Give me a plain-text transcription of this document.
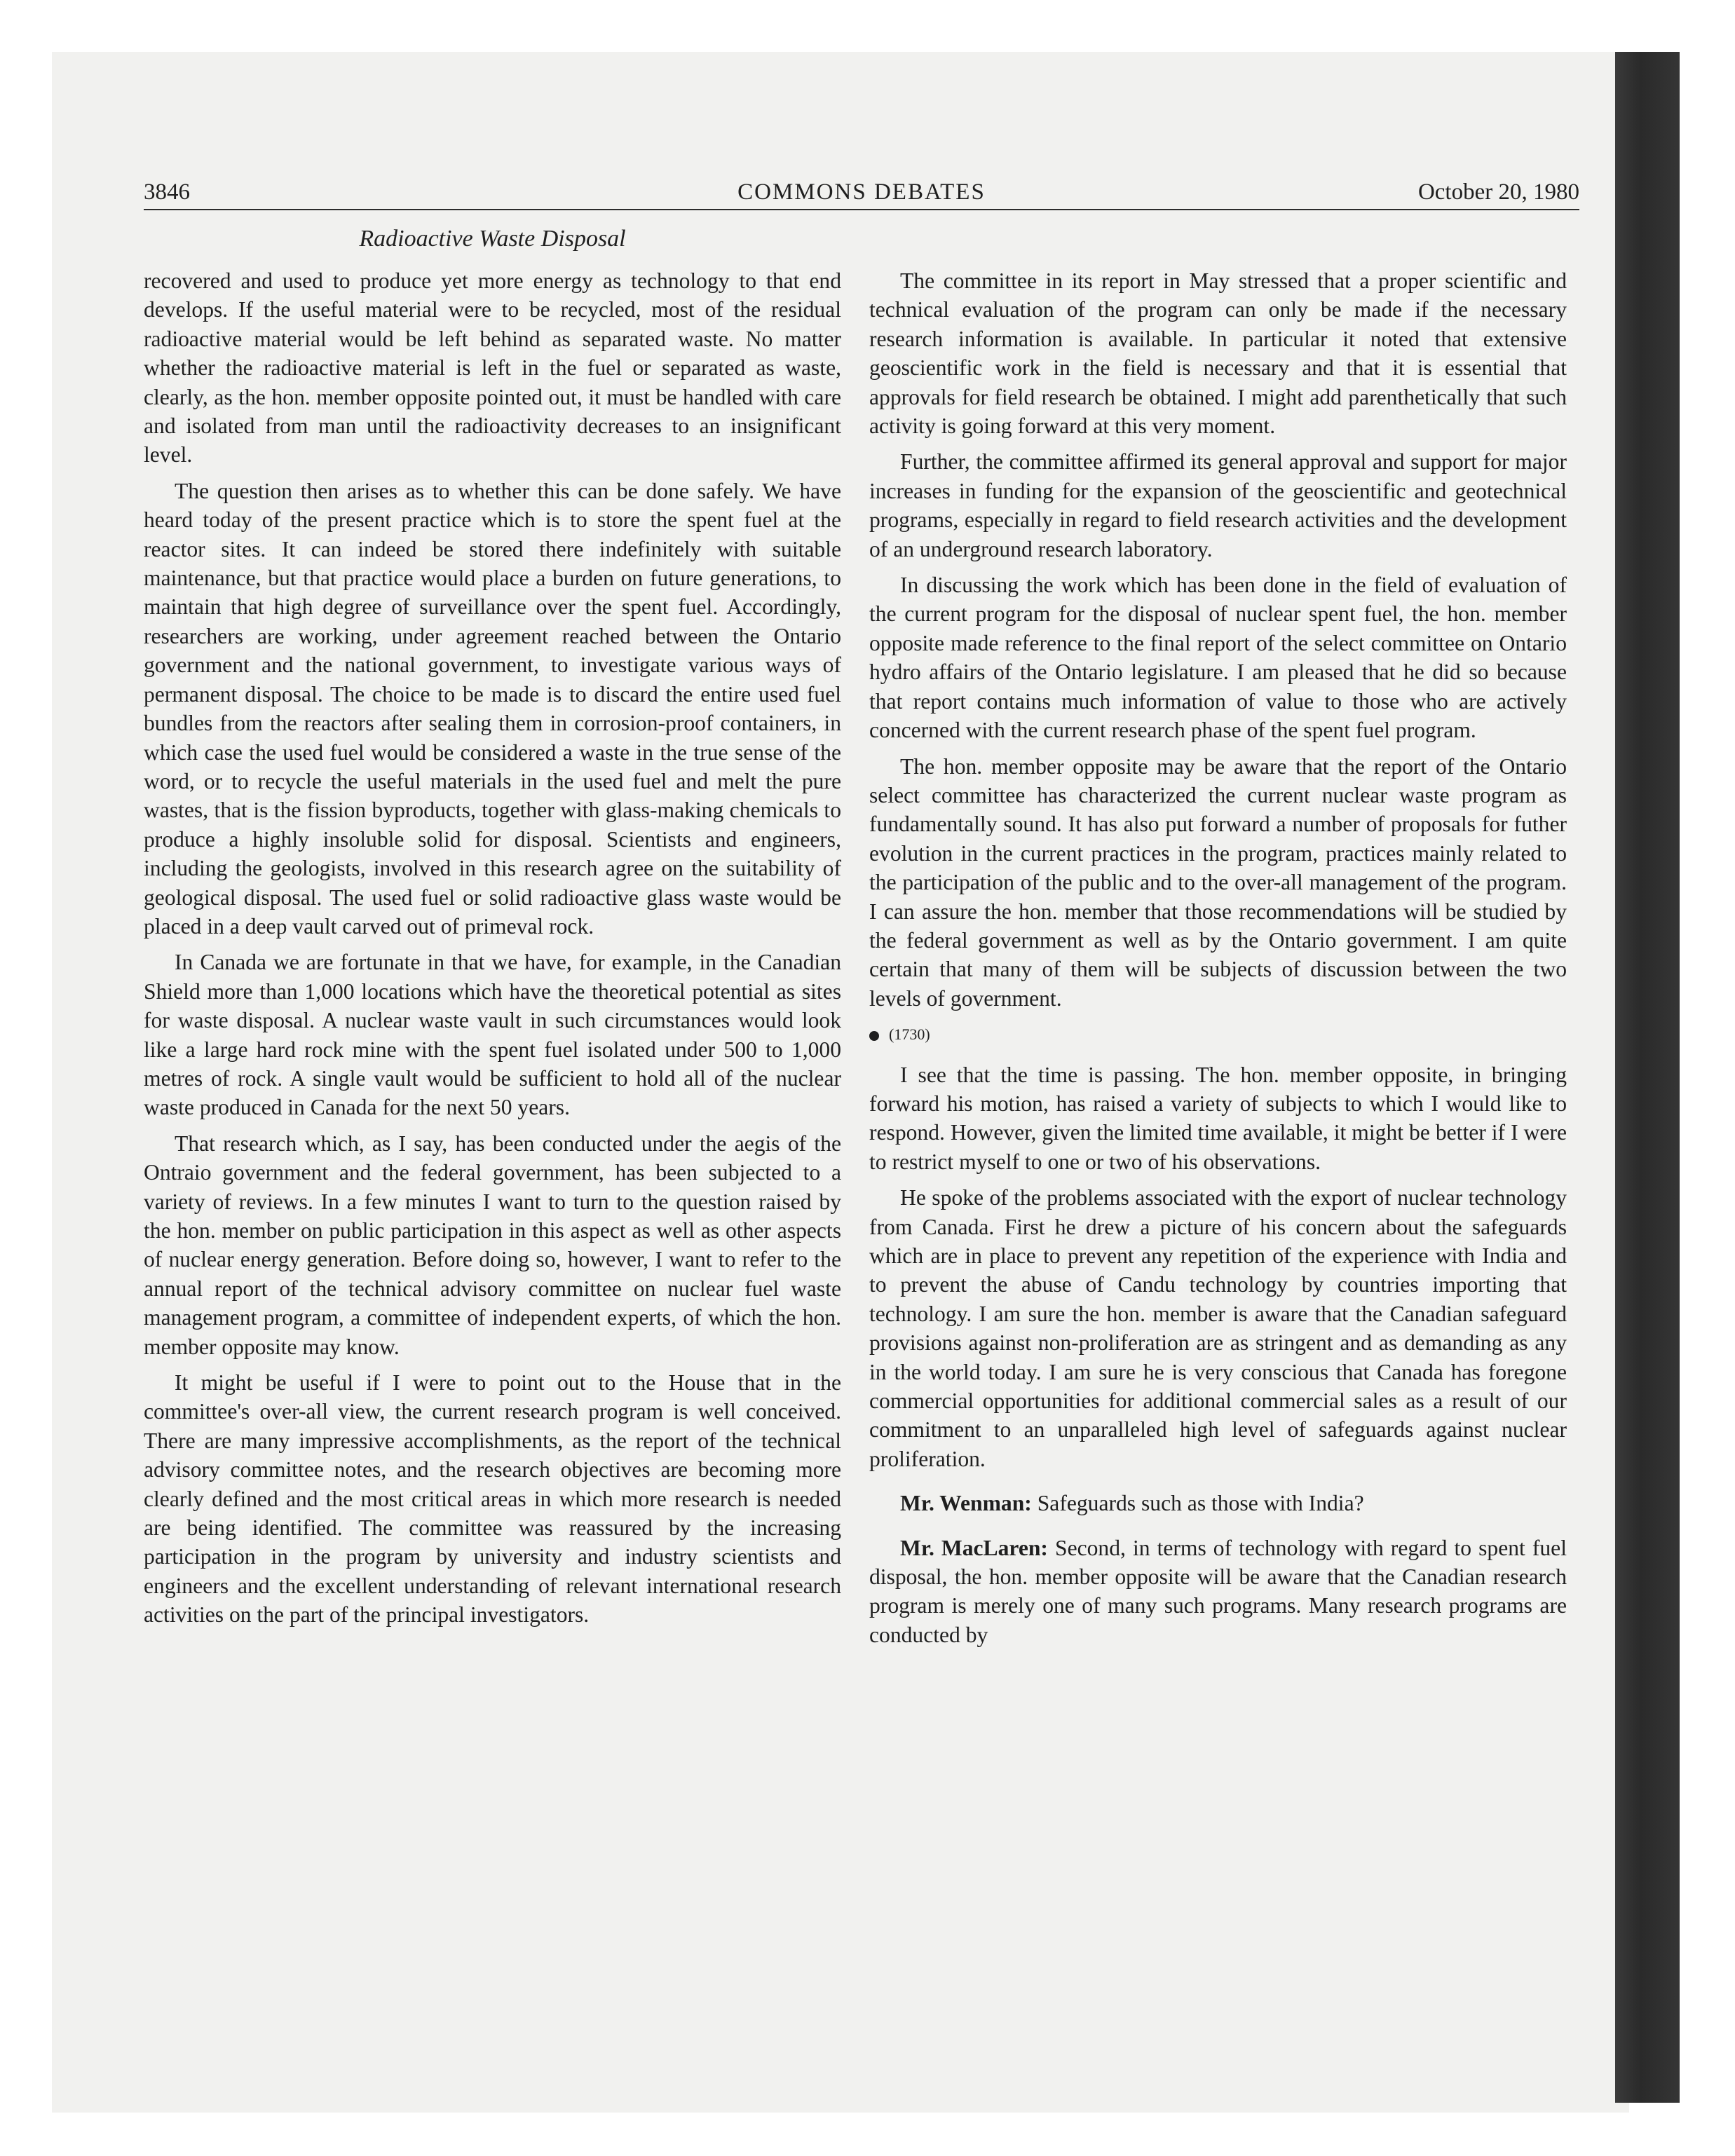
3846	COMMONS DEBATES	October 20, 1980
Radioactive Waste Disposal

recovered and used to produce yet more energy as technology to that end develops. If the useful material were to be recycled, most of the residual radioactive material would be left behind as separated waste. No matter whether the radioactive material is left in the fuel or separated as waste, clearly, as the hon. member opposite pointed out, it must be handled with care and isolated from man until the radioactivity decreases to an insignificant level.

The question then arises as to whether this can be done safely. We have heard today of the present practice which is to store the spent fuel at the reactor sites. It can indeed be stored there indefinitely with suitable maintenance, but that practice would place a burden on future generations, to maintain that high degree of surveillance over the spent fuel. Accordingly, researchers are working, under agreement reached between the Ontario government and the national government, to investigate various ways of permanent disposal. The choice to be made is to discard the entire used fuel bundles from the reactors after sealing them in corrosion-proof containers, in which case the used fuel would be considered a waste in the true sense of the word, or to recycle the useful materials in the used fuel and melt the pure wastes, that is the fission byproducts, together with glass-making chemicals to produce a highly insoluble solid for disposal. Scientists and engineers, including the geologists, involved in this research agree on the suitability of geological disposal. The used fuel or solid radioactive glass waste would be placed in a deep vault carved out of primeval rock.

In Canada we are fortunate in that we have, for example, in the Canadian Shield more than 1,000 locations which have the theoretical potential as sites for waste disposal. A nuclear waste vault in such circumstances would look like a large hard rock mine with the spent fuel isolated under 500 to 1,000 metres of rock. A single vault would be sufficient to hold all of the nuclear waste produced in Canada for the next 50 years.

That research which, as I say, has been conducted under the aegis of the Ontraio government and the federal government, has been subjected to a variety of reviews. In a few minutes I want to turn to the question raised by the hon. member on public participation in this aspect as well as other aspects of nuclear energy generation. Before doing so, however, I want to refer to the annual report of the technical advisory committee on nuclear fuel waste management program, a committee of independent experts, of which the hon. member opposite may know.

It might be useful if I were to point out to the House that in the committee's over-all view, the current research program is well conceived. There are many impressive accomplishments, as the report of the technical advisory committee notes, and the research objectives are becoming more clearly defined and the most critical areas in which more research is needed are being identified. The committee was reassured by the increasing participation in the program by university and industry scientists and engineers and the excellent understanding of relevant international research activities on the part of the principal investigators.

The committee in its report in May stressed that a proper scientific and technical evaluation of the program can only be made if the necessary research information is available. In particular it noted that extensive geoscientific work in the field is necessary and that it is essential that approvals for field research be obtained. I might add parenthetically that such activity is going forward at this very moment.

Further, the committee affirmed its general approval and support for major increases in funding for the expansion of the geoscientific and geotechnical programs, especially in regard to field research activities and the development of an underground research laboratory.

In discussing the work which has been done in the field of evaluation of the current program for the disposal of nuclear spent fuel, the hon. member opposite made reference to the final report of the select committee on Ontario hydro affairs of the Ontario legislature. I am pleased that he did so because that report contains much information of value to those who are actively concerned with the current research phase of the spent fuel program.

The hon. member opposite may be aware that the report of the Ontario select committee has characterized the current nuclear waste program as fundamentally sound. It has also put forward a number of proposals for futher evolution in the current practices in the program, practices mainly related to the participation of the public and to the over-all management of the program. I can assure the hon. member that those recommendations will be studied by the federal government as well as by the Ontario government. I am quite certain that many of them will be subjects of discussion between the two levels of government.

(1730)

I see that the time is passing. The hon. member opposite, in bringing forward his motion, has raised a variety of subjects to which I would like to respond. However, given the limited time available, it might be better if I were to restrict myself to one or two of his observations.

He spoke of the problems associated with the export of nuclear technology from Canada. First he drew a picture of his concern about the safeguards which are in place to prevent any repetition of the experience with India and to prevent the abuse of Candu technology by countries importing that technology. I am sure the hon. member is aware that the Canadian safeguard provisions against non-proliferation are as stringent and as demanding as any in the world today. I am sure he is very conscious that Canada has foregone commercial opportunities for additional commercial sales as a result of our commitment to an unparalleled high level of safeguards against nuclear proliferation.

Mr. Wenman: Safeguards such as those with India?

Mr. MacLaren: Second, in terms of technology with regard to spent fuel disposal, the hon. member opposite will be aware that the Canadian research program is merely one of many such programs. Many research programs are conducted by
